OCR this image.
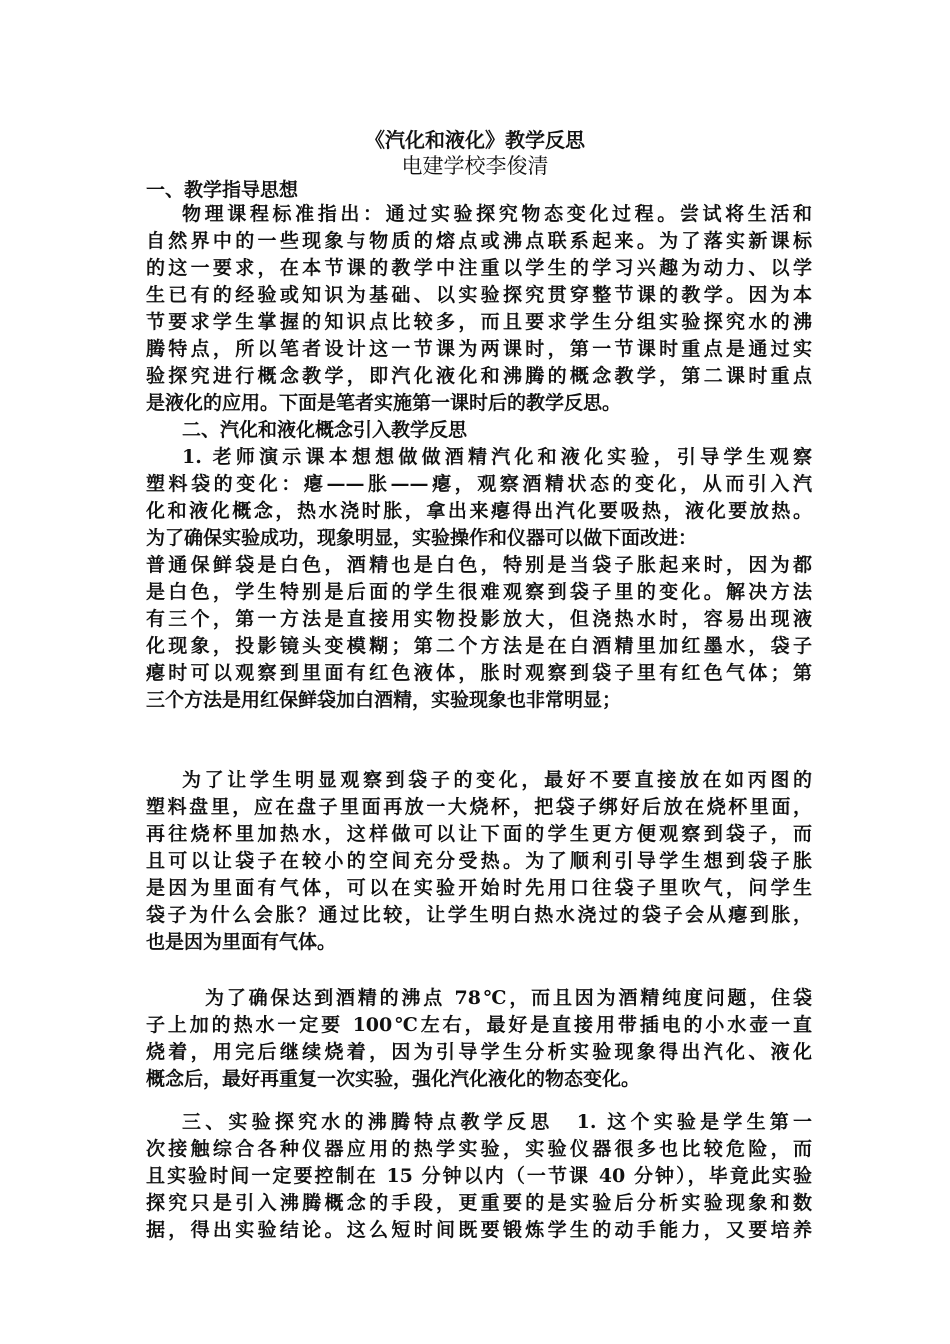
《汽化和液化》教学反思
电建学校李俊清
一、教学指导思想
物理课程标准指出：通过实验探究物态变化过程。尝试将生活和
自然界中的一些现象与物质的熔点或沸点联系起来。为了落实新课标
的这一要求，在本节课的教学中注重以学生的学习兴趣为动力、以学
生已有的经验或知识为基础、以实验探究贯穿整节课的教学。因为本
节要求学生掌握的知识点比较多，而且要求学生分组实验探究水的沸
腾特点，所以笔者设计这一节课为两课时，第一节课时重点是通过实
验探究进行概念教学，即汽化液化和沸腾的概念教学，第二课时重点
是液化的应用。下面是笔者实施第一课时后的教学反思。
二、汽化和液化概念引入教学反思
1. 老师演示课本想想做做酒精汽化和液化实验，引导学生观察
塑料袋的变化：瘪——胀——瘪，观察酒精状态的变化，从而引入汽
化和液化概念，热水浇时胀，拿出来瘪得出汽化要吸热，液化要放热。
为了确保实验成功，现象明显，实验操作和仪器可以做下面改进：
普通保鲜袋是白色，酒精也是白色，特别是当袋子胀起来时，因为都
是白色，学生特别是后面的学生很难观察到袋子里的变化。解决方法
有三个，第一方法是直接用实物投影放大，但浇热水时，容易出现液
化现象，投影镜头变模糊；第二个方法是在白酒精里加红墨水，袋子
瘪时可以观察到里面有红色液体，胀时观察到袋子里有红色气体；第
三个方法是用红保鲜袋加白酒精，实验现象也非常明显；
为了让学生明显观察到袋子的变化，最好不要直接放在如丙图的
塑料盘里，应在盘子里面再放一大烧杯，把袋子绑好后放在烧杯里面，
再往烧杯里加热水，这样做可以让下面的学生更方便观察到袋子，而
且可以让袋子在较小的空间充分受热。为了顺利引导学生想到袋子胀
是因为里面有气体，可以在实验开始时先用口往袋子里吹气，问学生
袋子为什么会胀？通过比较，让学生明白热水浇过的袋子会从瘪到胀，
也是因为里面有气体。
为了确保达到酒精的沸点 78℃，而且因为酒精纯度问题，住袋
子上加的热水一定要 100℃左右，最好是直接用带插电的小水壶一直
烧着，用完后继续烧着，因为引导学生分析实验现象得出汽化、液化
概念后，最好再重复一次实验，强化汽化液化的物态变化。
三、实验探究水的沸腾特点教学反思　1. 这个实验是学生第一
次接触综合各种仪器应用的热学实验，实验仪器很多也比较危险，而
且实验时间一定要控制在 15 分钟以内（一节课 40 分钟），毕竟此实验
探究只是引入沸腾概念的手段，更重要的是实验后分析实验现象和数
据，得出实验结论。这么短时间既要锻炼学生的动手能力，又要培养
